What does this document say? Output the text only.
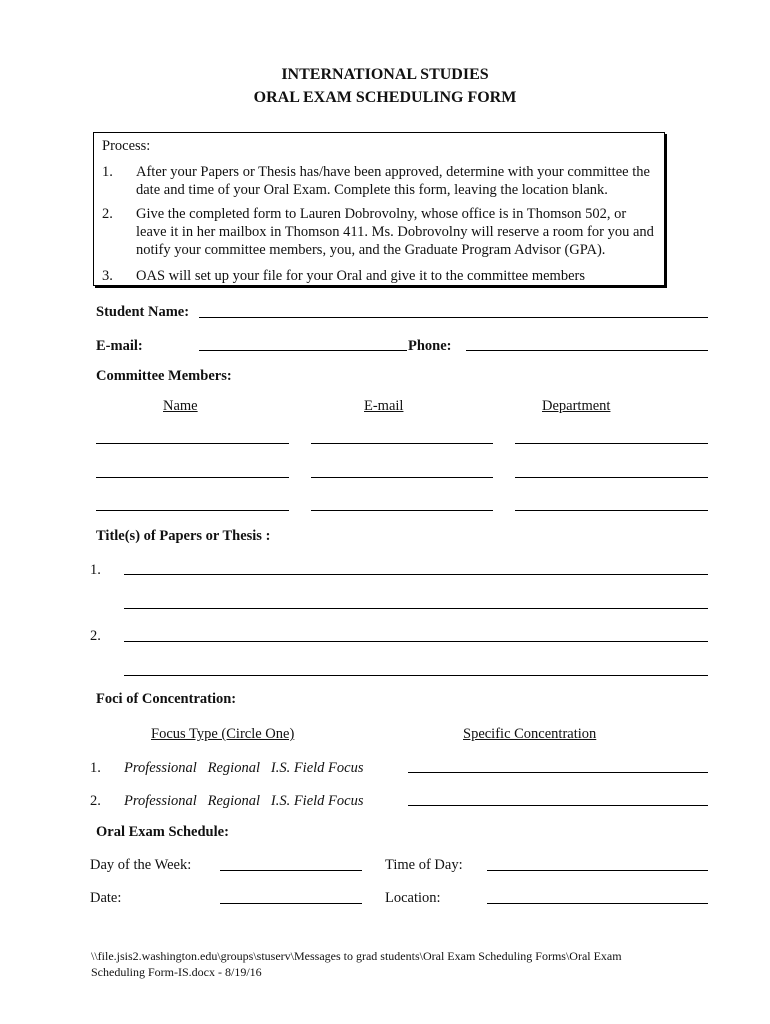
INTERNATIONAL STUDIES
ORAL EXAM SCHEDULING FORM
Process:
1. After your Papers or Thesis has/have been approved, determine with your committee the date and time of your Oral Exam. Complete this form, leaving the location blank.
2. Give the completed form to Lauren Dobrovolny, whose office is in Thomson 502, or leave it in her mailbox in Thomson 411. Ms. Dobrovolny will reserve a room for you and notify your committee members, you, and the Graduate Program Advisor (GPA).
3. OAS will set up your file for your Oral and give it to the committee members
Student Name:
E-mail:	Phone:
Committee Members:
Name	E-mail	Department
Title(s) of Papers or Thesis :
1.
2.
Foci of Concentration:
Focus Type (Circle One)	Specific Concentration
1. Professional   Regional   I.S. Field Focus
2. Professional   Regional   I.S. Field Focus
Oral Exam Schedule:
Day of the Week:	Time of Day:
Date:	Location:
\\file.jsis2.washington.edu\groups\stuserv\Messages to grad students\Oral Exam Scheduling Forms\Oral Exam
Scheduling Form-IS.docx - 8/19/16
